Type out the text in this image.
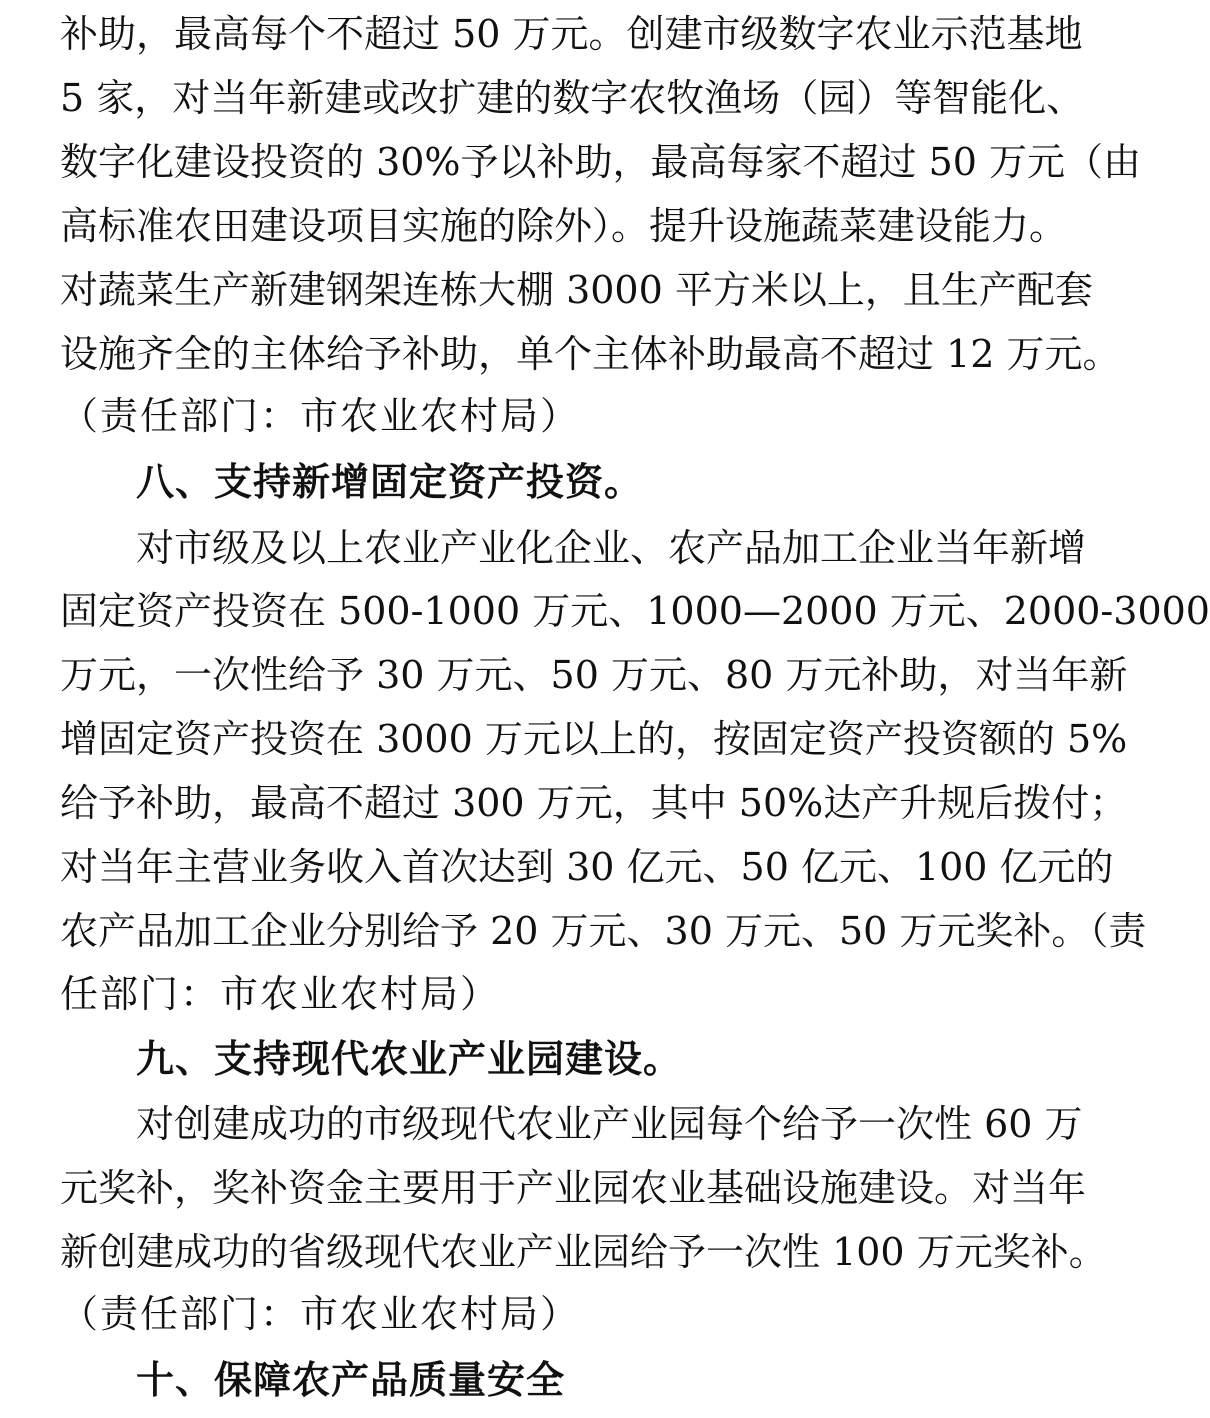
补助，最高每个不超过 50 万元。创建市级数字农业示范基地
5 家，对当年新建或改扩建的数字农牧渔场（园）等智能化、
数字化建设投资的 30%予以补助，最高每家不超过 50 万元（由
高标准农田建设项目实施的除外）。提升设施蔬菜建设能力。
对蔬菜生产新建钢架连栋大棚 3000 平方米以上，且生产配套
设施齐全的主体给予补助，单个主体补助最高不超过 12 万元。
（责任部门：市农业农村局）
八、支持新增固定资产投资。
对市级及以上农业产业化企业、农产品加工企业当年新增
固定资产投资在 500-1000 万元、1000—2000 万元、2000-3000
万元，一次性给予 30 万元、50 万元、80 万元补助，对当年新
增固定资产投资在 3000 万元以上的，按固定资产投资额的 5%
给予补助，最高不超过 300 万元，其中 50%达产升规后拨付；
对当年主营业务收入首次达到 30 亿元、50 亿元、100 亿元的
农产品加工企业分别给予 20 万元、30 万元、50 万元奖补。（责
任部门：市农业农村局）
九、支持现代农业产业园建设。
对创建成功的市级现代农业产业园每个给予一次性 60 万
元奖补，奖补资金主要用于产业园农业基础设施建设。对当年
新创建成功的省级现代农业产业园给予一次性 100 万元奖补。
（责任部门：市农业农村局）
十、保障农产品质量安全
